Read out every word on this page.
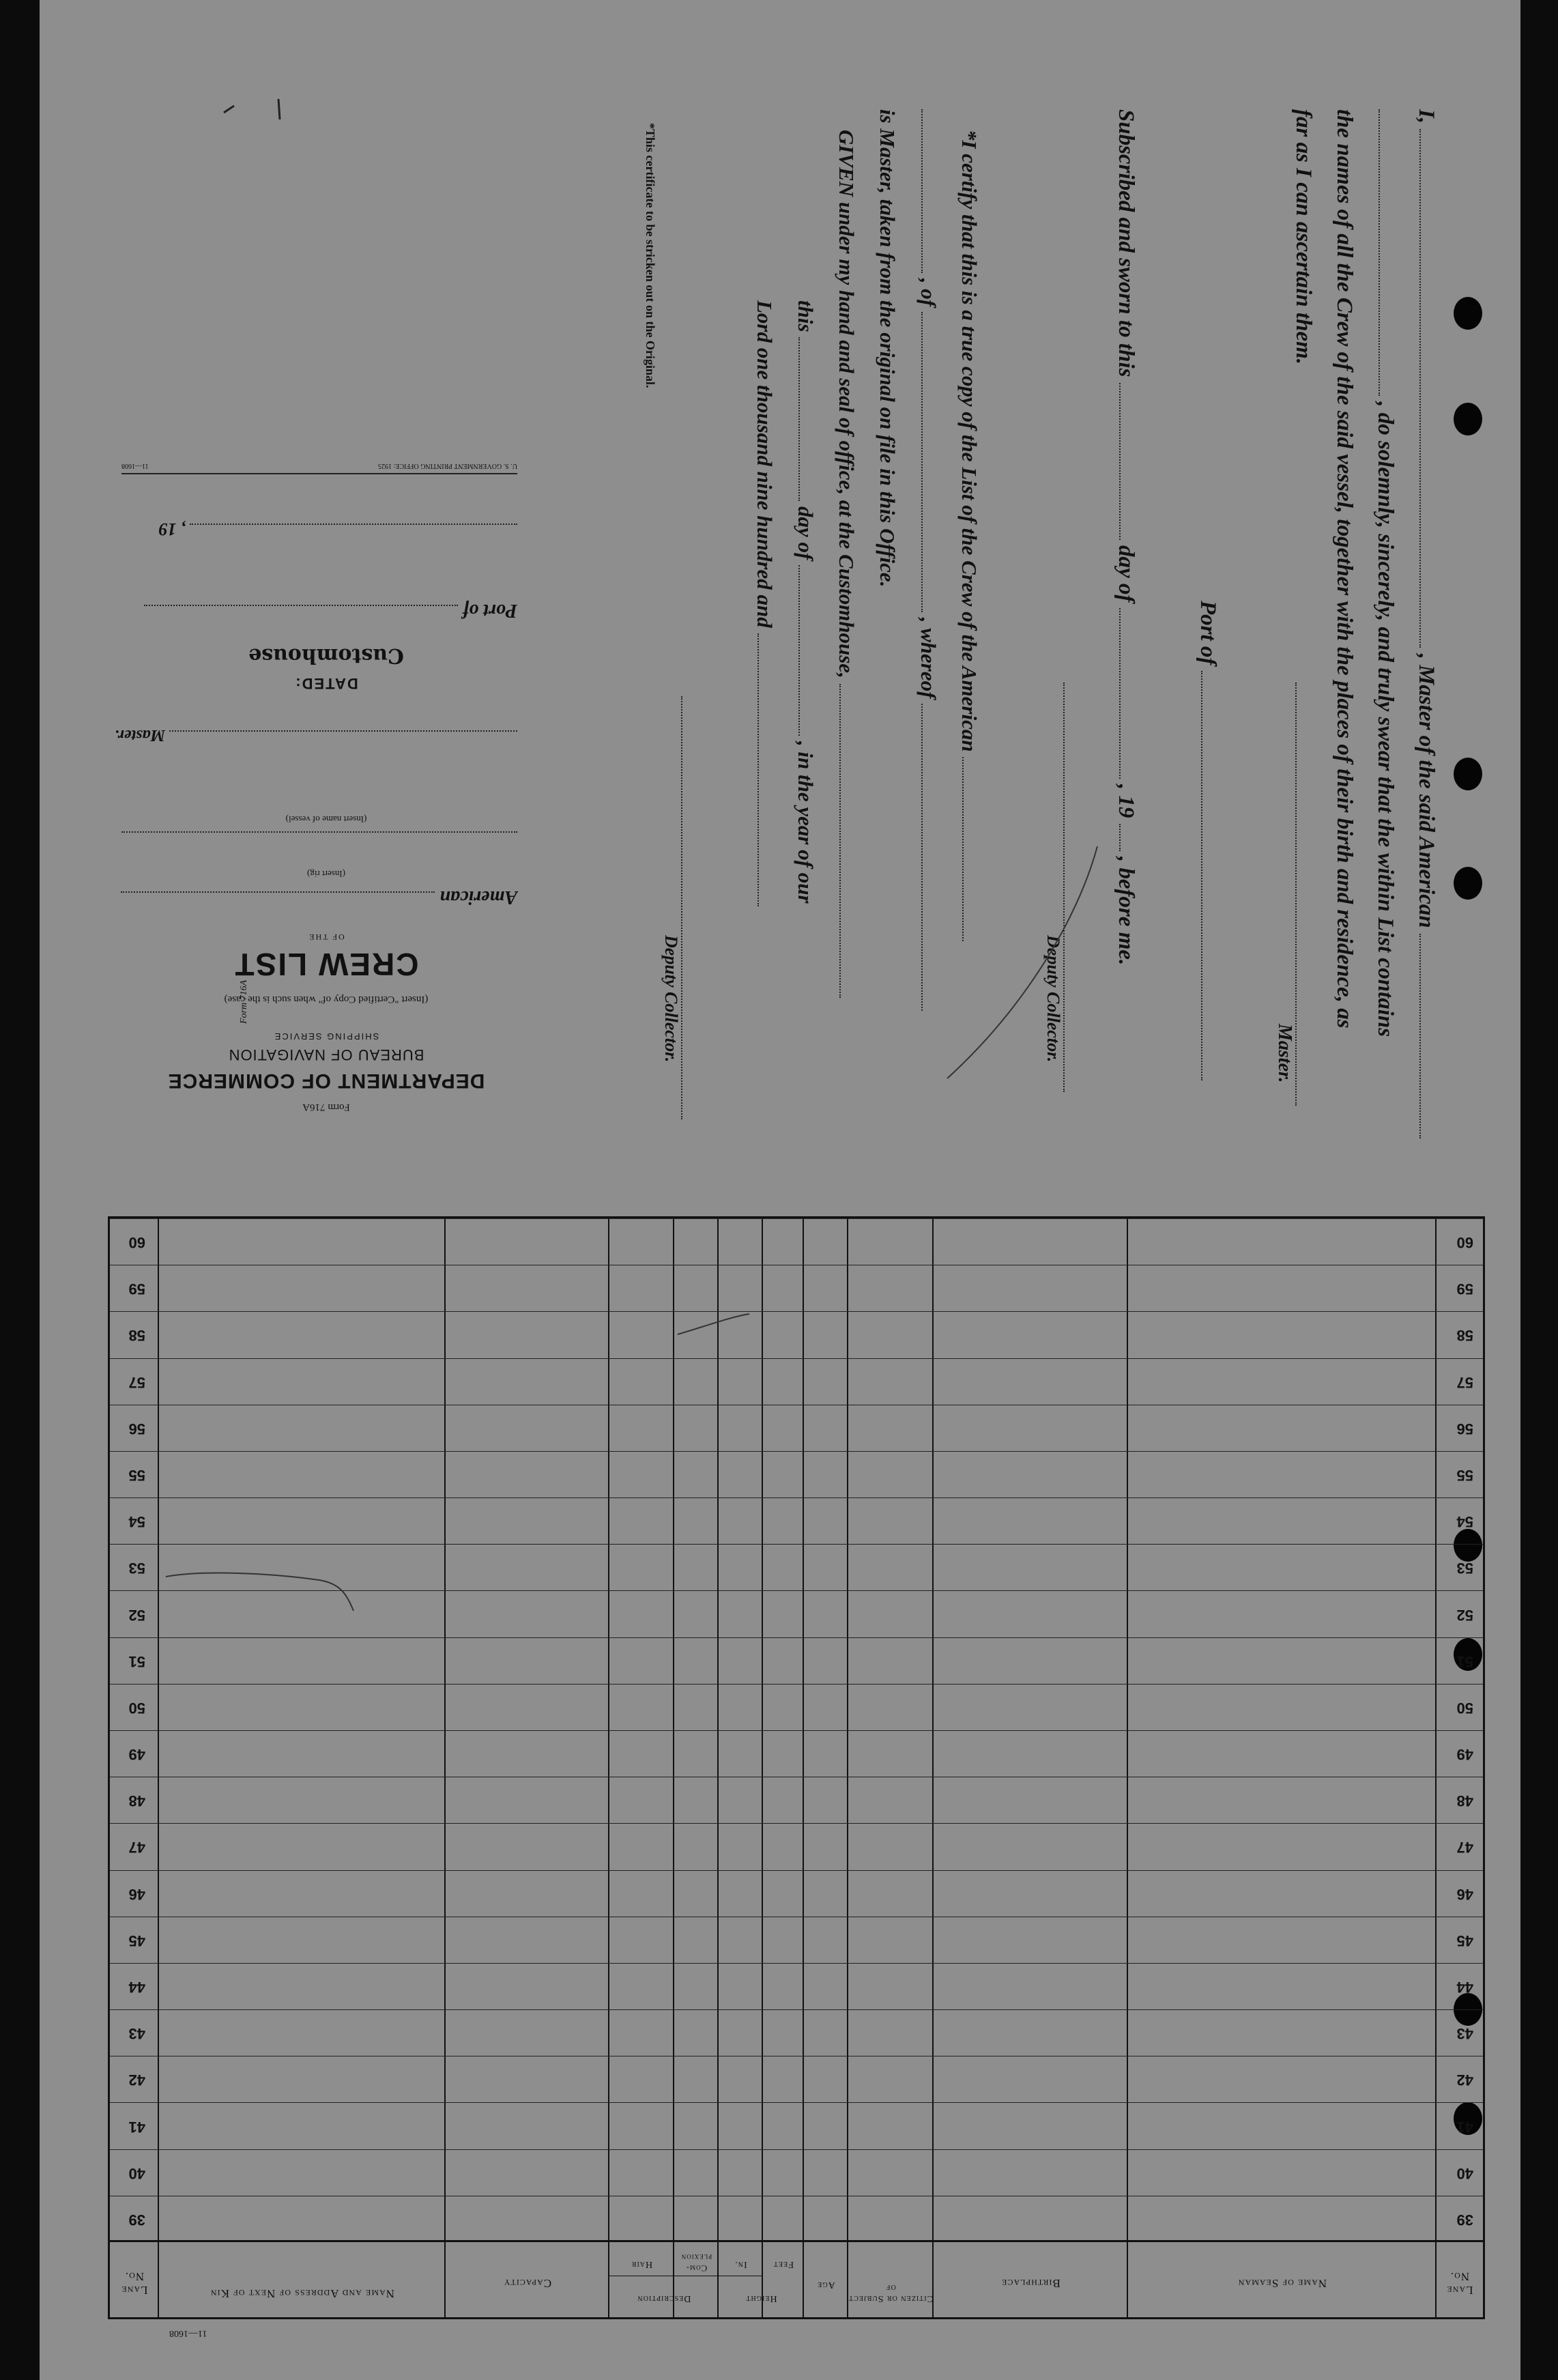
I,  , Master of the said American
, do solemnly, sincerely, and truly swear that the within List contains
the names of all the Crew of the said vessel, together with the places of their birth and residence, as
far as I can ascertain them.
Master.
Port of
Subscribed and sworn to this  day of  , 19  , before me.
Deputy Collector.
*I certify that this is a true copy of the List of the Crew of the American
, of  , whereof
is Master, taken from the original on file in this Office.
GIVEN under my hand and seal of office, at the Customhouse,
this  day of  , in the year of our
Lord one thousand nine hundred and
Deputy Collector.
*This certificate to be stricken out on the Original.
Form 716A
Form 716A
DEPARTMENT OF COMMERCE
BUREAU OF NAVIGATION
SHIPPING SERVICE
(Insert "Certified Copy of" when such is the case)
CREW LIST
OF THE
American
(Insert rig)
(Insert name of vessel)
Master.
DATED:
Customhouse
Port of
, 19
U. S. GOVERNMENT PRINTING OFFICE: 1925
11—1608
Lane No.
Name of Seaman
Birthplace
Citizen or Subject of
Age
Height
Feet
In.
Description
Com-plexion
Hair
Capacity
Name and Address of Next of Kin
Lane No.
39
39
40
40
41
41
42
42
43
43
44
44
45
45
46
46
47
47
48
48
49
49
50
50
51
51
52
52
53
53
54
54
55
55
56
56
57
57
58
58
59
59
60
60
11—1608
